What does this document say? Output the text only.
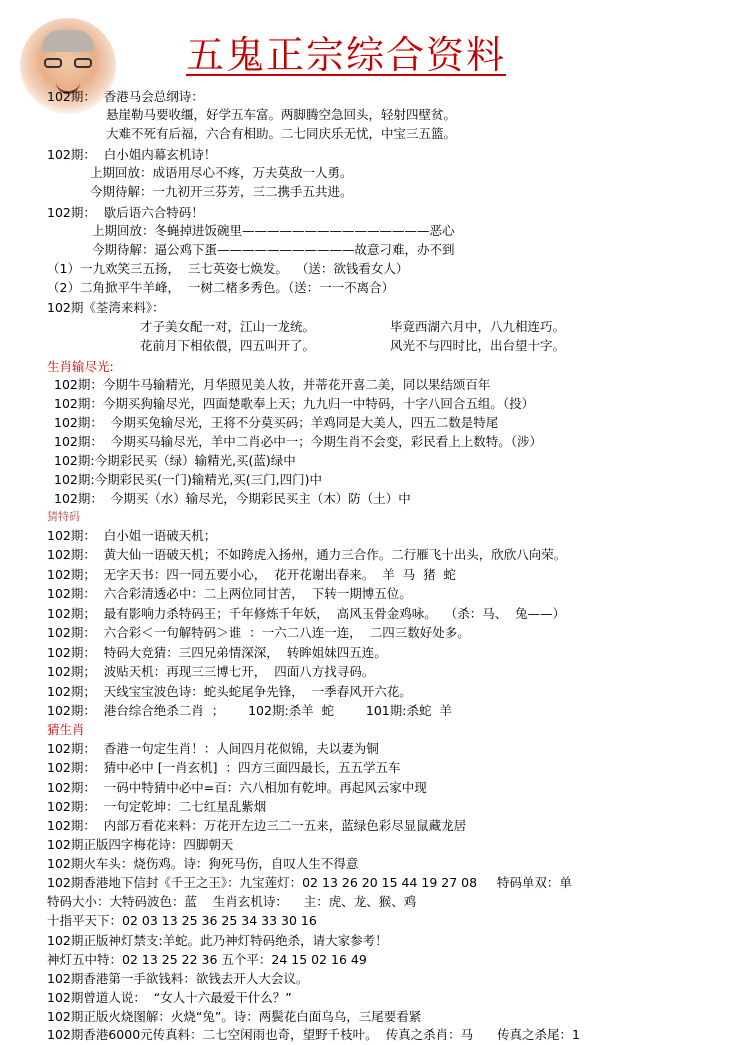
五鬼正宗综合资料
102期：  香港马会总纲诗：
悬崖勒马要收缰，好学五车富。两脚腾空急回头，轻射四壁贫。
大难不死有后福，六合有相助。二七同庆乐无忧，中宝三五篮。
102期：  白小姐内幕玄机诗！
上期回放：成语用尽心不疼，万夫莫敌一人勇。
今期待解：一九初开三芬芳，三二携手五共进。
102期：  歇后语六合特码！
上期回放：冬蝇掉进饭碗里———————————————恶心
今期待解：逼公鸡下蛋———————————故意刁难，办不到
（1）一九欢笑三五扬，  三七英姿七焕发。  （送：欲钱看女人）
（2）二角掀平牛羊峰，  一树二楮多秀色。（送：一一不离合）
102期《荃湾来料》：
才子美女配一对，江山一龙统。	毕竟西湖六月中，八九相连巧。
花前月下相依偎，四五叫开了。	风光不与四时比，出台望十字。
生肖输尽光:
102期：今期牛马输精光，月华照见美人妆，并蒂花开喜二美，同以果结颂百年
102期：今期买狗输尽光，四面楚歌奉上天；九九归一中特码，十字八回合五组。（投）
102期：  今期买兔输尽光，王将不分莫买码；羊鸡同是大美人，四五二数是特尾
102期：  今期买马输尽光，羊中二肖必中一；今期生肖不会变，彩民看上上数特。（涉）
102期:今期彩民买（绿）输精光,买(蓝)绿中
102期:今期彩民买(一门)输精光,买(三门,四门)中
102期：  今期买（水）输尽光，今期彩民买主（木）防（土）中
猜特码
102期：  白小姐一语破天机；
102期：  黄大仙一语破天机；不如跨虎入扬州，通力三合作。二行雁飞十出头，欣欣八向荣。
102期；  无字天书：四一同五要小心，  花开花谢出春来。  羊  马  猪  蛇
102期：  六合彩清透必中：二上两位同甘苦，  下转一期博五位。
102期；  最有影响力杀特码王；千年修炼千年妖，  高风玉骨金鸡咏。  （杀：马、  兔——）
102期：  六合彩＜一句解特码＞谁  ：一六二八连一连，  二四三数好处多。
102期：  特码大竞猜：三四兄弟情深深，  转眸姐妹四五连。
102期；  波贴天机：再现三三博七开，  四面八方找寻码。
102期；  天线宝宝波色诗：蛇头蛇尾争先锋，  一季春风开六花。
102期：  港台综合绝杀二肖  ；      102期:杀羊  蛇        101期:杀蛇  羊
猜生肖
102期：  香港一句定生肖！：人间四月花似锦，夫以妻为铜
102期：  猜中必中 [一肖玄机]  ：四方三面四最长，五五学五车
102期：  一码中特猜中必中=百：六八相加有乾坤。再起风云家中现
102期：  一句定乾坤：二七红星乱紫烟
102期：  内部万看花来料：万花开左边三二一五来，蓝绿色彩尽显鼠藏龙居
102期正版四字梅花诗：四脚朝天
102期火车头：烧伤鸡。诗：狗死马伤，自叹人生不得意
102期香港地下信封《千王之王》：九宝莲灯：02 13 26 20 15 44 19 27 08     特码单双：单
特码大小：大特码波色：蓝    生肖玄机诗：    主：虎、龙、猴、鸡
十指平天下：02 03 13 25 36 25 34 33 30 16
102期正版神灯禁支:羊蛇。此乃神灯特码绝杀，请大家参考！
神灯五中特：02 13 25 22 36 五个平：24 15 02 16 49
102期香港第一手欲钱料：欲钱去开人大会议。
102期曾道人说：  “女人十六最爱干什么？”
102期正版火烧图解：火烧“兔”。诗：两鬓花白面乌乌，三尾要看紧
102期香港6000元传真料：二七空闲雨也奇，望野千枝叶。  传真之杀肖：马      传真之杀尾：1
